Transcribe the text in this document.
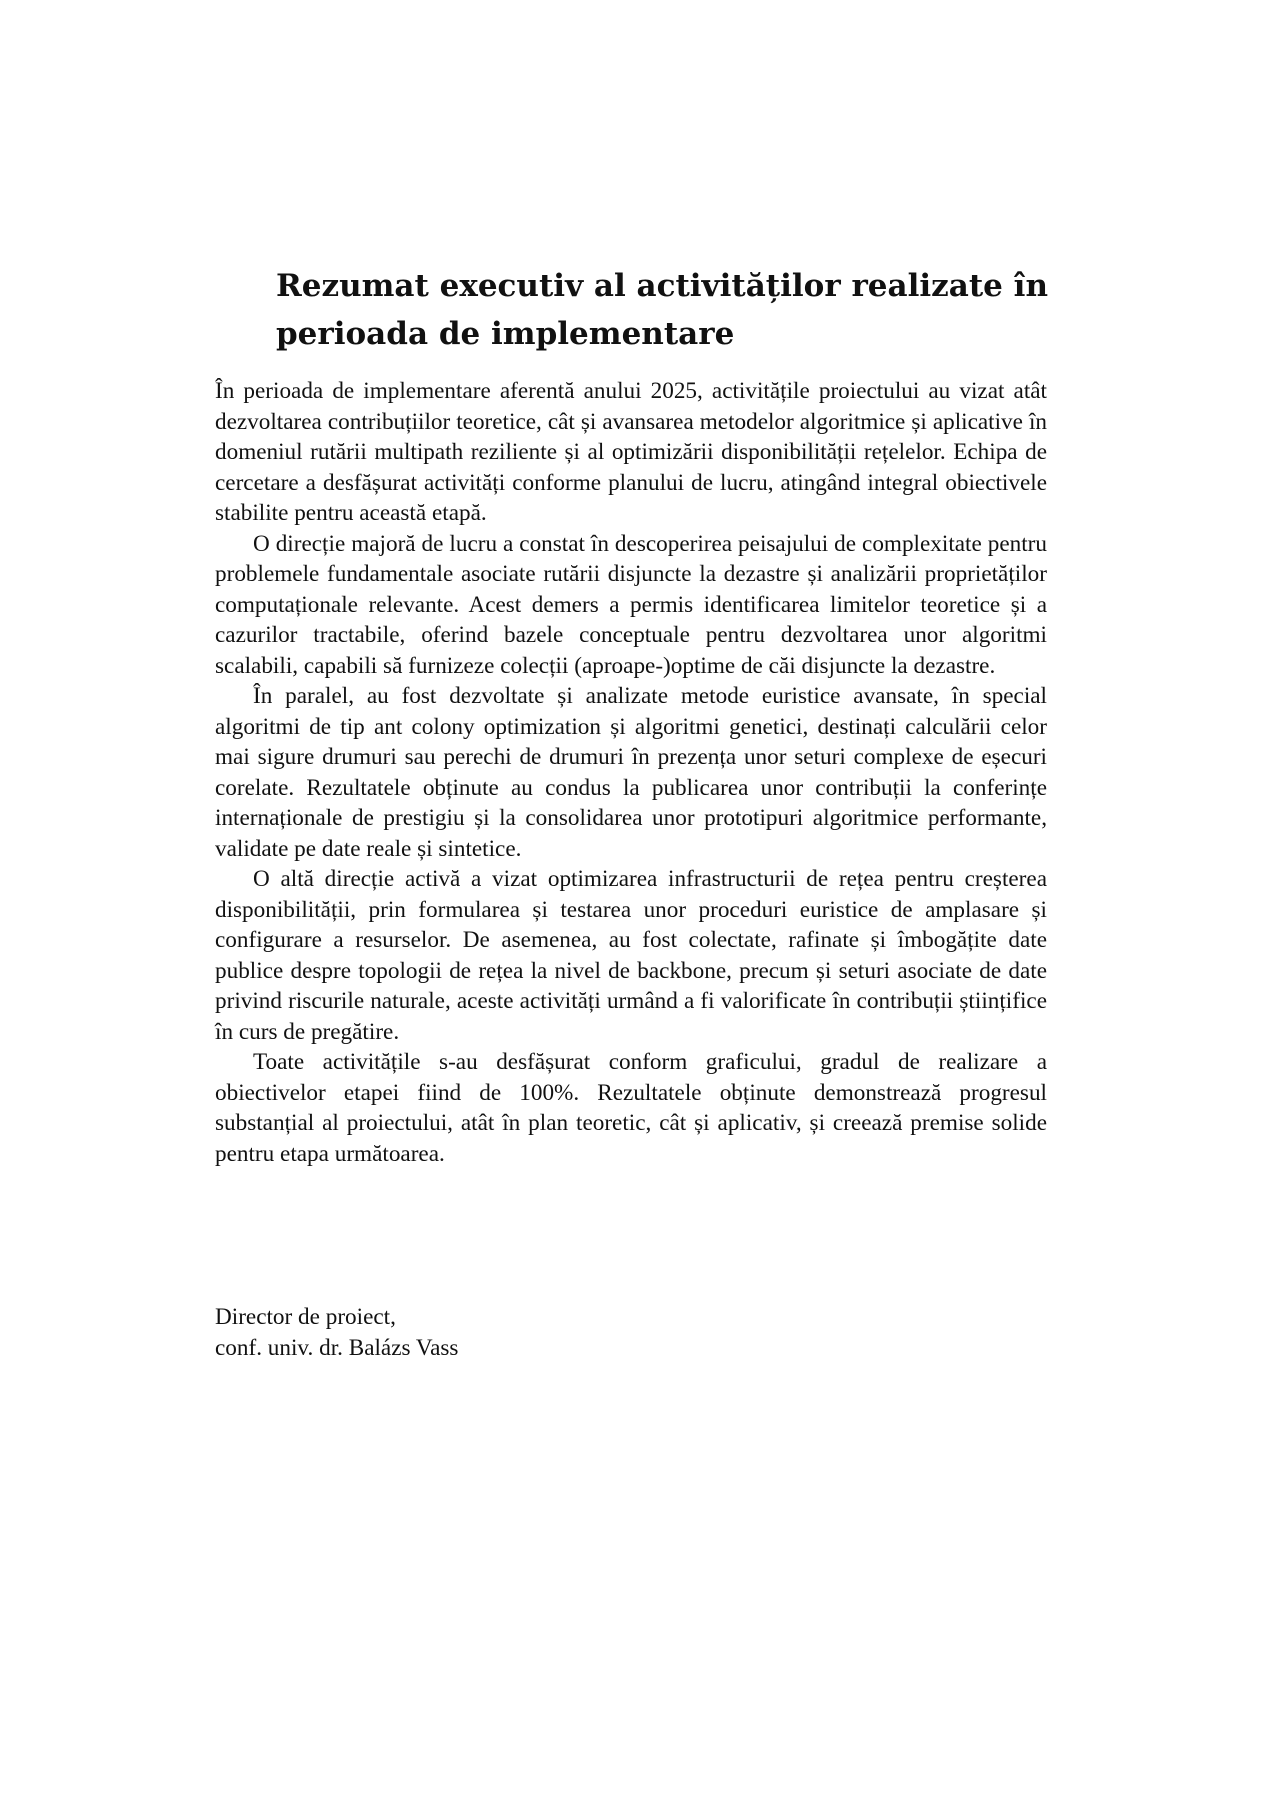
Rezumat executiv al activităților realizate în perioada de implementare

În perioada de implementare aferentă anului 2025, activitățile proiectului au vizat atât dezvoltarea contribuțiilor teoretice, cât și avansarea metodelor algoritmice și aplicative în domeniul rutării multipath reziliente și al optimizării disponibilității rețelelor. Echipa de cercetare a desfășurat activități conforme planului de lucru, atingând integral obiectivele stabilite pentru această etapă.

O direcție majoră de lucru a constat în descoperirea peisajului de complexitate pentru problemele fundamentale asociate rutării disjuncte la dezastre și analizării proprietăților computaționale relevante. Acest demers a permis identificarea limitelor teoretice și a cazurilor tractabile, oferind bazele conceptuale pentru dezvoltarea unor algoritmi scalabili, capabili să furnizeze colecții (aproape-)optime de căi disjuncte la dezastre.

În paralel, au fost dezvoltate și analizate metode euristice avansate, în special algoritmi de tip ant colony optimization și algoritmi genetici, destinați calculării celor mai sigure drumuri sau perechi de drumuri în prezența unor seturi complexe de eșecuri corelate. Rezultatele obținute au condus la publicarea unor contribuții la conferințe internaționale de prestigiu și la consolidarea unor prototipuri algoritmice performante, validate pe date reale și sintetice.

O altă direcție activă a vizat optimizarea infrastructurii de rețea pentru creșterea disponibilității, prin formularea și testarea unor proceduri euristice de amplasare și configurare a resurselor. De asemenea, au fost colectate, rafinate și îmbogățite date publice despre topologii de rețea la nivel de backbone, precum și seturi asociate de date privind riscurile naturale, aceste activități urmând a fi valorificate în contribuții științifice în curs de pregătire.

Toate activitățile s-au desfășurat conform graficului, gradul de realizare a obiectivelor etapei fiind de 100%. Rezultatele obținute demonstrează progresul substanțial al proiectului, atât în plan teoretic, cât și aplicativ, și creează premise solide pentru etapa următoarea.

Director de proiect,
conf. univ. dr. Balázs Vass
